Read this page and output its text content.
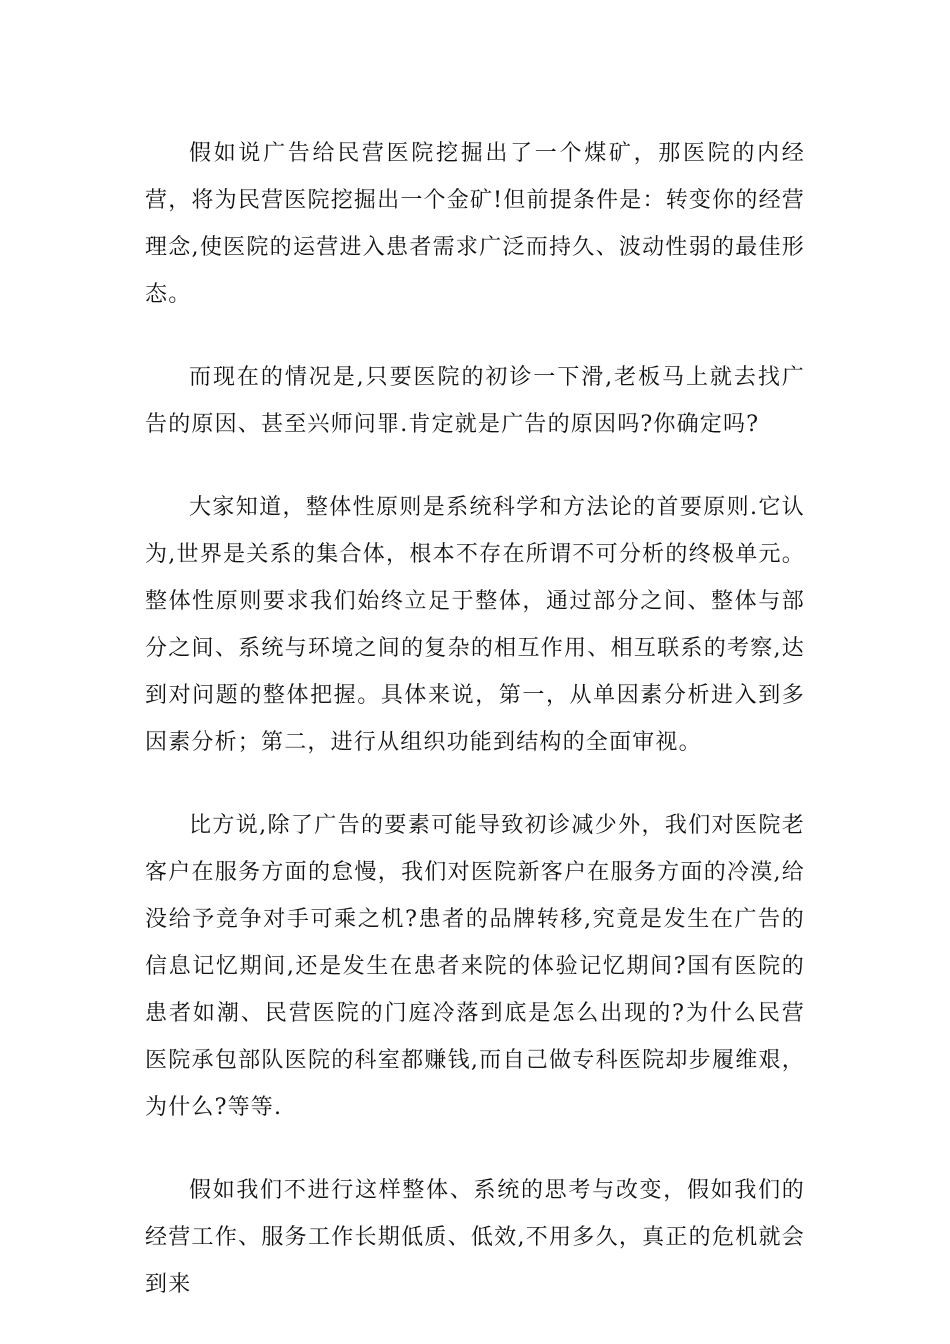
假如说广告给民营医院挖掘出了一个煤矿，那医院的内经营，将为民营医院挖掘出一个金矿!但前提条件是：转变你的经营理念,使医院的运营进入患者需求广泛而持久、波动性弱的最佳形态。

而现在的情况是,只要医院的初诊一下滑,老板马上就去找广告的原因、甚至兴师问罪.肯定就是广告的原因吗?你确定吗?

大家知道，整体性原则是系统科学和方法论的首要原则.它认为,世界是关系的集合体，根本不存在所谓不可分析的终极单元。整体性原则要求我们始终立足于整体，通过部分之间、整体与部分之间、系统与环境之间的复杂的相互作用、相互联系的考察,达到对问题的整体把握。具体来说，第一，从单因素分析进入到多因素分析；第二，进行从组织功能到结构的全面审视。

比方说,除了广告的要素可能导致初诊减少外，我们对医院老客户在服务方面的怠慢，我们对医院新客户在服务方面的冷漠,给没给予竞争对手可乘之机?患者的品牌转移,究竟是发生在广告的信息记忆期间,还是发生在患者来院的体验记忆期间?国有医院的患者如潮、民营医院的门庭冷落到底是怎么出现的?为什么民营医院承包部队医院的科室都赚钱,而自己做专科医院却步履维艰，为什么?等等.

假如我们不进行这样整体、系统的思考与改变，假如我们的经营工作、服务工作长期低质、低效,不用多久，真正的危机就会到来
